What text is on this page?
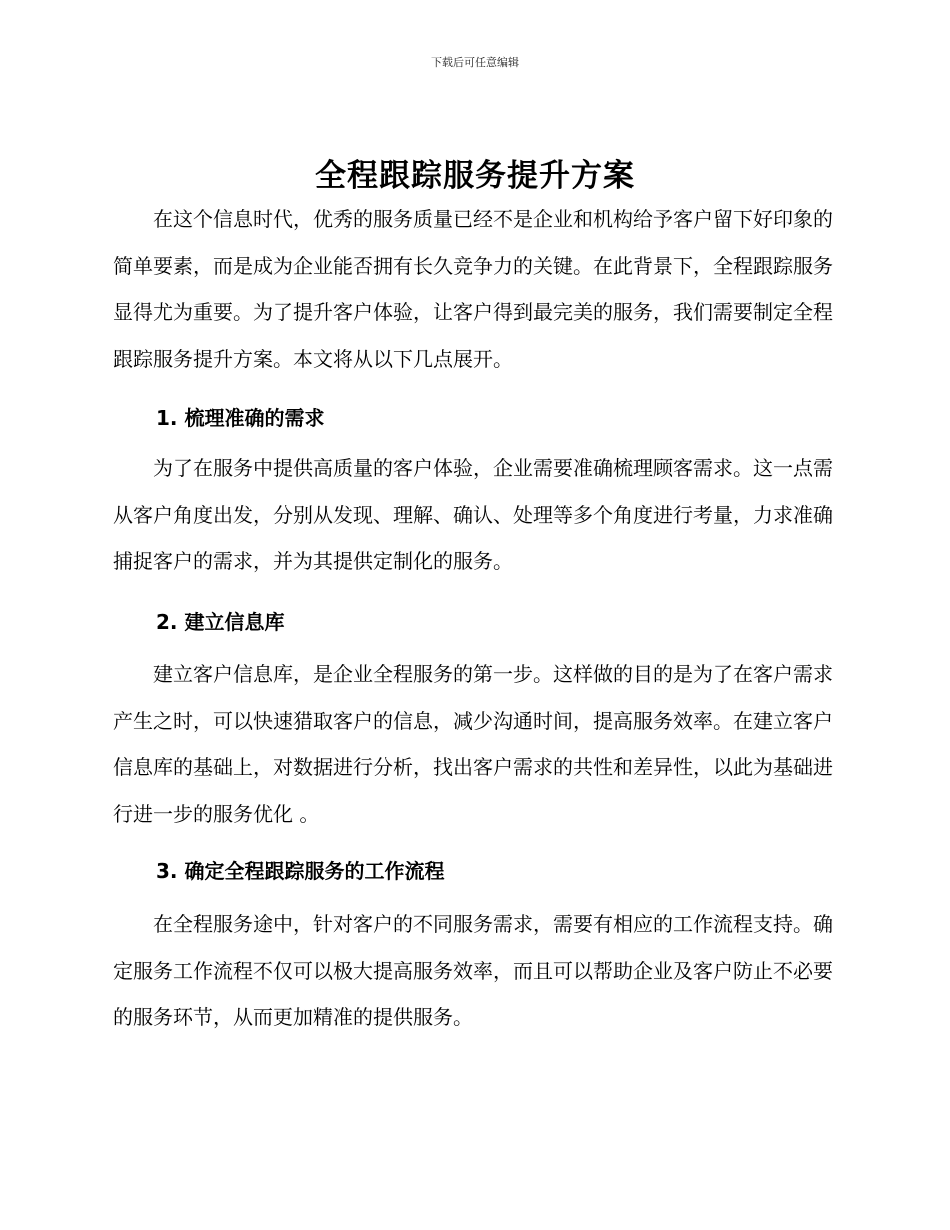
下载后可任意编辑
全程跟踪服务提升方案

在这个信息时代，优秀的服务质量已经不是企业和机构给予客户留下好印象的简单要素，而是成为企业能否拥有长久竞争力的关键。在此背景下，全程跟踪服务显得尤为重要。为了提升客户体验，让客户得到最完美的服务，我们需要制定全程跟踪服务提升方案。本文将从以下几点展开。

1. 梳理准确的需求

为了在服务中提供高质量的客户体验，企业需要准确梳理顾客需求。这一点需从客户角度出发，分别从发现、理解、确认、处理等多个角度进行考量，力求准确捕捉客户的需求，并为其提供定制化的服务。

2. 建立信息库

建立客户信息库，是企业全程服务的第一步。这样做的目的是为了在客户需求产生之时，可以快速猎取客户的信息，减少沟通时间，提高服务效率。在建立客户信息库的基础上，对数据进行分析，找出客户需求的共性和差异性，以此为基础进行进一步的服务优化 。

3. 确定全程跟踪服务的工作流程

在全程服务途中，针对客户的不同服务需求，需要有相应的工作流程支持。确定服务工作流程不仅可以极大提高服务效率，而且可以帮助企业及客户防止不必要的服务环节，从而更加精准的提供服务。
